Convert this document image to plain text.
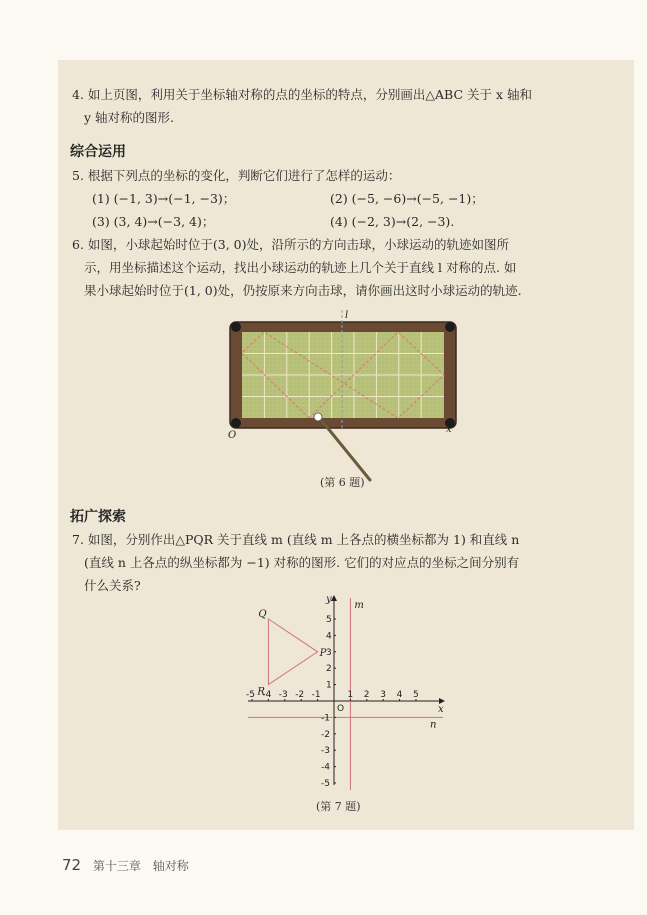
4. 如上页图，利用关于坐标轴对称的点的坐标的特点，分别画出△ABC 关于 x 轴和
y 轴对称的图形.
综合运用
5. 根据下列点的坐标的变化，判断它们进行了怎样的运动：
(1) (−1, 3)→(−1, −3)；	(2) (−5, −6)→(−5, −1)；
(3) (3, 4)→(−3, 4)；	(4) (−2, 3)→(2, −3).
6. 如图，小球起始时位于(3, 0)处，沿所示的方向击球，小球运动的轨迹如图所
示，用坐标描述这个运动，找出小球运动的轨迹上几个关于直线 l 对称的点. 如
果小球起始时位于(1, 0)处，仍按原来方向击球，请你画出这时小球运动的轨迹.
O
x
l
(第 6 题)
拓广探索
7. 如图，分别作出△PQR 关于直线 m (直线 m 上各点的横坐标都为 1) 和直线 n
(直线 n 上各点的纵坐标都为 −1) 对称的图形. 它们的对应点的坐标之间分别有
什么关系?
-5 -4 -3 -2 -1	1 2 3 4 5
5
4
3
2
1
-1
-2
-3
-4
-5
Q
P
R
m
n
x
y
O
(第 7 题)
72 第十三章 轴对称
